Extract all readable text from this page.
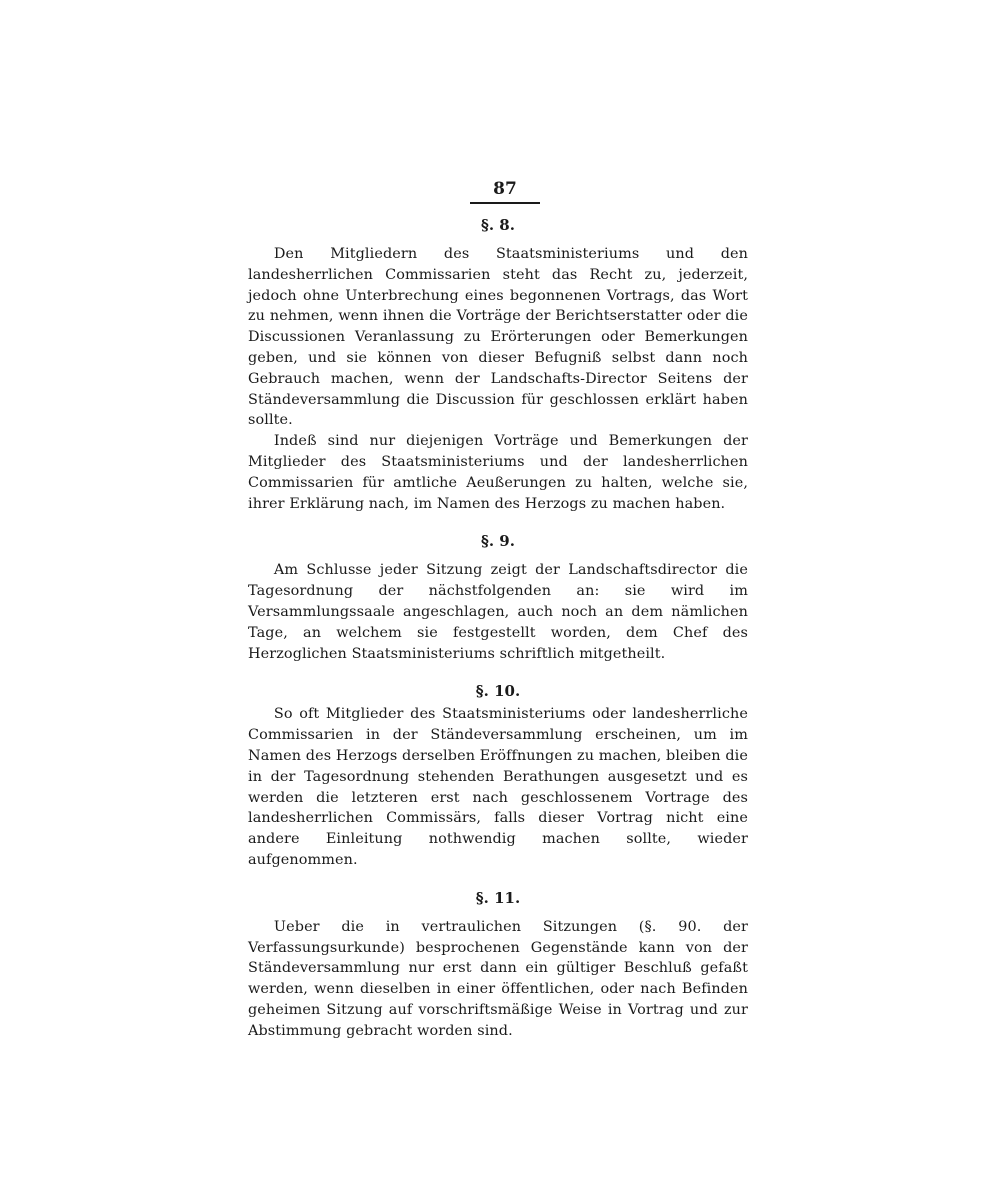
87
§. 8.

Den Mitgliedern des Staatsministeriums und den landesherrlichen Commissarien steht das Recht zu, jederzeit, jedoch ohne Unterbrechung eines begonnenen Vortrags, das Wort zu nehmen, wenn ihnen die Vorträge der Berichtserstatter oder die Discussionen Veranlassung zu Erörterungen oder Bemerkungen geben, und sie können von dieser Befugniß selbst dann noch Gebrauch machen, wenn der Landschafts-Director Seitens der Ständeversammlung die Discussion für geschlossen erklärt haben sollte.

Indeß sind nur diejenigen Vorträge und Bemerkungen der Mitglieder des Staatsministeriums und der landesherrlichen Commissarien für amtliche Aeußerungen zu halten, welche sie, ihrer Erklärung nach, im Namen des Herzogs zu machen haben.

§. 9.

Am Schlusse jeder Sitzung zeigt der Landschaftsdirector die Tagesordnung der nächstfolgenden an: sie wird im Versammlungssaale angeschlagen, auch noch an dem nämlichen Tage, an welchem sie festgestellt worden, dem Chef des Herzoglichen Staatsministeriums schriftlich mitgetheilt.

§. 10.

So oft Mitglieder des Staatsministeriums oder landesherrliche Commissarien in der Ständeversammlung erscheinen, um im Namen des Herzogs derselben Eröffnungen zu machen, bleiben die in der Tagesordnung stehenden Berathungen ausgesetzt und es werden die letzteren erst nach geschlossenem Vortrage des landesherrlichen Commissärs, falls dieser Vortrag nicht eine andere Einleitung nothwendig machen sollte, wieder aufgenommen.

§. 11.

Ueber die in vertraulichen Sitzungen (§. 90. der Verfassungsurkunde) besprochenen Gegenstände kann von der Ständeversammlung nur erst dann ein gültiger Beschluß gefaßt werden, wenn dieselben in einer öffentlichen, oder nach Befinden geheimen Sitzung auf vorschriftsmäßige Weise in Vortrag und zur Abstimmung gebracht worden sind.
